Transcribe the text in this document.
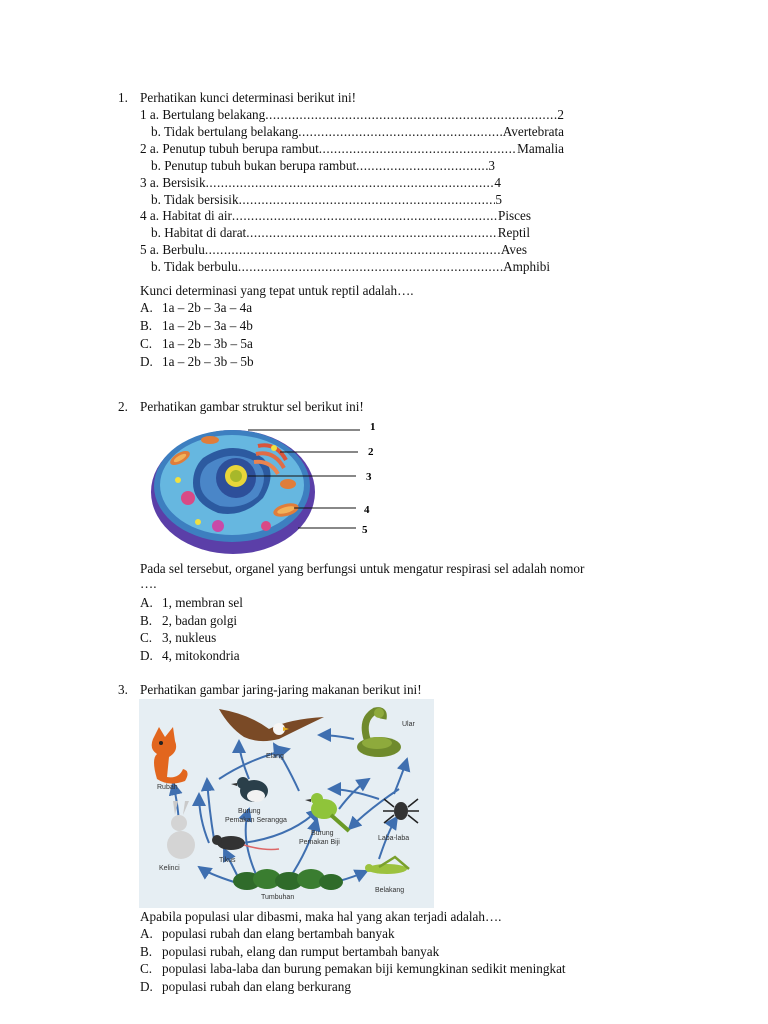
1. Perhatikan kunci determinasi berikut ini!
1 a. Bertulang belakang .....	2
b. Tidak bertulang belakang .....	Avertebrata
2 a. Penutup tubuh berupa rambut .....	Mamalia
b. Penutup tubuh bukan berupa rambut .....	3
3 a. Bersisik .....	4
b. Tidak bersisik .....	5
4 a. Habitat di air .....	Pisces
b. Habitat di darat .....	Reptil
5 a. Berbulu .....	Aves
b. Tidak berbulu .....	Amphibi
Kunci determinasi yang tepat untuk reptil adalah….
A. 1a – 2b – 3a – 4a
B. 1a – 2b – 3a – 4b
C. 1a – 2b – 3b – 5a
D. 1a – 2b – 3b – 5b
2. Perhatikan gambar struktur sel berikut ini!
1
2
3
4
5
Pada sel tersebut, organel yang berfungsi untuk mengatur respirasi sel adalah nomor
….
A. 1, membran sel
B. 2, badan golgi
C. 3, nukleus
D. 4, mitokondria
3. Perhatikan gambar jaring-jaring makanan berikut ini!
Elang
Ular
Rubah
Burung
Pemakan Serangga
Burung
Pemakan Biji
Laba-laba
Kelinci
Tikus
Tumbuhan
Belakang
Apabila populasi ular dibasmi, maka hal yang akan terjadi adalah….
A. populasi rubah dan elang bertambah banyak
B. populasi rubah, elang dan rumput bertambah banyak
C. populasi laba-laba dan burung pemakan biji kemungkinan sedikit meningkat
D. populasi rubah dan elang berkurang
